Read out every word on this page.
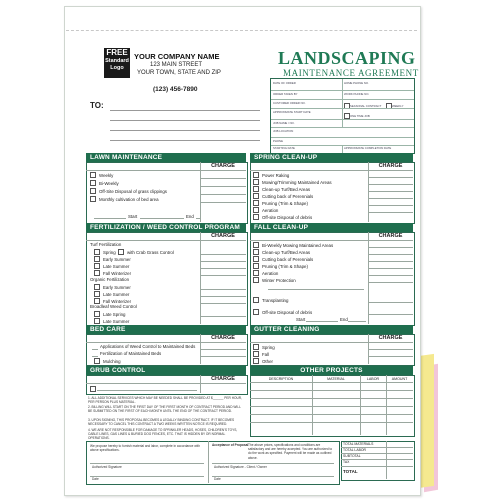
FREE
Standard
Logo
YOUR COMPANY NAME
123 MAIN STREET
YOUR TOWN, STATE AND ZIP
(123) 456-7890
LANDSCAPING
MAINTENANCE AGREEMENT
TO:
DATE OF ORDER	HOME PHONE NO.
ORDER TAKEN BY	WORK PHONE NO.
CUSTOMER ORDER NO.
SEASONAL CONTRACT	WEEKLY
APPROXIMATE START DATE
ONE TIME JOB
JOB NAME / NO.
JOB LOCATION
PHONE
STARTING DATE	APPROXIMATE COMPLETION DATE
LAWN MAINTENANCE
CHARGE
Weekly
Bi-Weekly
Off-Site Disposal of grass clippings
Monthly cultivation of bed area
Start	End
SPRING CLEAN-UP
CHARGE
Power Raking
Mowing/Trimming Maintained Areas
Clean-up Turf/Bed Areas
Cutting back of Perennials
Pruning (Trim & Shape)
Aeration
Off-site Disposal of debris
FERTILIZATION / WEED CONTROL PROGRAM
CHARGE
Turf Fertilization
Spring	with Crab Grass Control
Early Summer
Late Summer
Fall Winterizer
Organic Fertilization
Early Summer
Late Summer
Fall Winterizer
Broadleaf Weed Control
Late Spring
Late Summer
FALL CLEAN-UP
CHARGE
Bi-Weekly Mowing Maintained Areas
Clean-up Turf/Bed Areas
Cutting back of Perennials
Pruning (Trim & Shape)
Aeration
Winter Protection
Transplanting
Off-site Disposal of debris
Start	End
BED CARE
CHARGE
Applications of Weed Control to Maintained Beds
Fertilization of Maintained Beds
Mulching
GUTTER CLEANING
CHARGE
Spring
Fall
Other
GRUB CONTROL
CHARGE
OTHER PROJECTS
DESCRIPTION	MATERIAL	LABOR	AMOUNT
1. ALL ADDITIONAL SERVICES WHICH MAY BE NEEDED SHALL BE PROVIDED AT $______ PER HOUR, PER PERSON PLUS MATERIAL.
2. BILLING WILL START ON THE FIRST DAY OF THE FIRST MONTH OF CONTRACT PERIOD AND WILL BE SUBMITTED ON THE FIRST OF EACH MONTH UNTIL THE END OF THE CONTRACT PERIOD.
3. UPON SIGNING, THIS PROPOSAL BECOMES A LEGALLY BINDING CONTRACT. IF IT BECOMES NECESSARY TO CANCEL THIS CONTRACT A TWO WEEKS WRITTEN NOTICE IS REQUIRED.
4. WE ARE NOT RESPONSIBLE FOR DAMAGE TO SPRINKLER HEADS, HOSES, CHILDREN'S TOYS, CABLE LINES, GAS LINES & BURIED DOG FENCES, ETC. THAT IS HIDDEN BY OR NORMAL OPERATIONS.
We propose hereby to furnish material and labor, complete in accordance with above specifications.
Authorized Signature
Date
Acceptance of Proposal The above prices, specifications and conditions are satisfactory and are hereby accepted. You are authorized to do the work as specified. Payment will be made as outlined above.
Authorized Signature - Client / Owner
Date
TOTAL MATERIALS
TOTAL LABOR
SUBTOTAL
TAX
TOTAL
